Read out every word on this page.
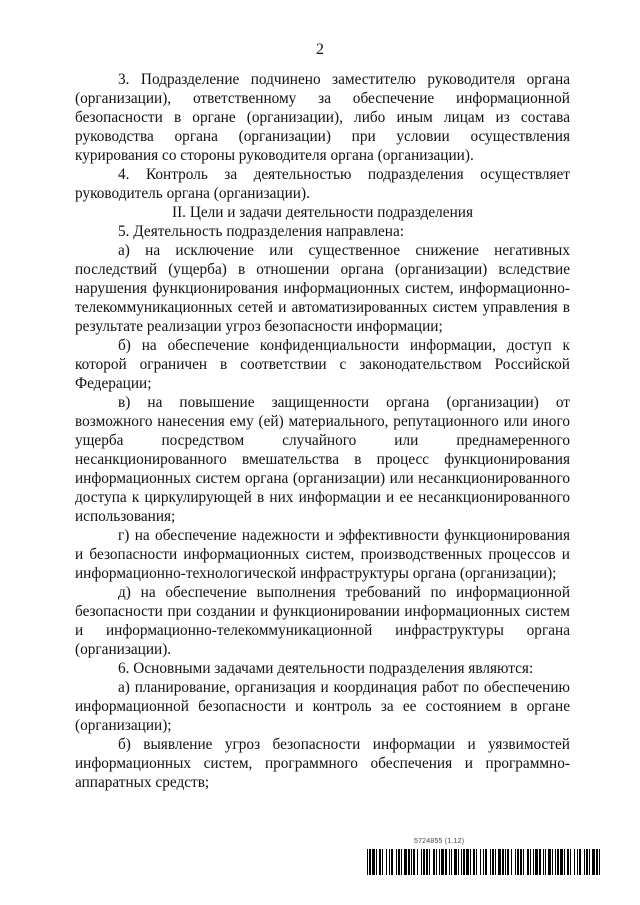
2

3. Подразделение подчинено заместителю руководителя органа (организации), ответственному за обеспечение информационной безопасности в органе (организации), либо иным лицам из состава руководства органа (организации) при условии осуществления курирования со стороны руководителя органа (организации).

4. Контроль за деятельностью подразделения осуществляет руководитель органа (организации).

II. Цели и задачи деятельности подразделения

5. Деятельность подразделения направлена:

а) на исключение или существенное снижение негативных последствий (ущерба) в отношении органа (организации) вследствие нарушения функционирования информационных систем, информационно-телекоммуникационных сетей и автоматизированных систем управления в результате реализации угроз безопасности информации;

б) на обеспечение конфиденциальности информации, доступ к которой ограничен в соответствии с законодательством Российской Федерации;

в) на повышение защищенности органа (организации) от возможного нанесения ему (ей) материального, репутационного или иного ущерба посредством случайного или преднамеренного несанкционированного вмешательства в процесс функционирования информационных систем органа (организации) или несанкционированного доступа к циркулирующей в них информации и ее несанкционированного использования;

г) на обеспечение надежности и эффективности функционирования и безопасности информационных систем, производственных процессов и информационно-технологической инфраструктуры органа (организации);

д) на обеспечение выполнения требований по информационной безопасности при создании и функционировании информационных систем и информационно-телекоммуникационной инфраструктуры органа (организации).

6. Основными задачами деятельности подразделения являются:

а) планирование, организация и координация работ по обеспечению информационной безопасности и контроль за ее состоянием в органе (организации);

б) выявление угроз безопасности информации и уязвимостей информационных систем, программного обеспечения и программно-аппаратных средств;

5724855 (1.12)
